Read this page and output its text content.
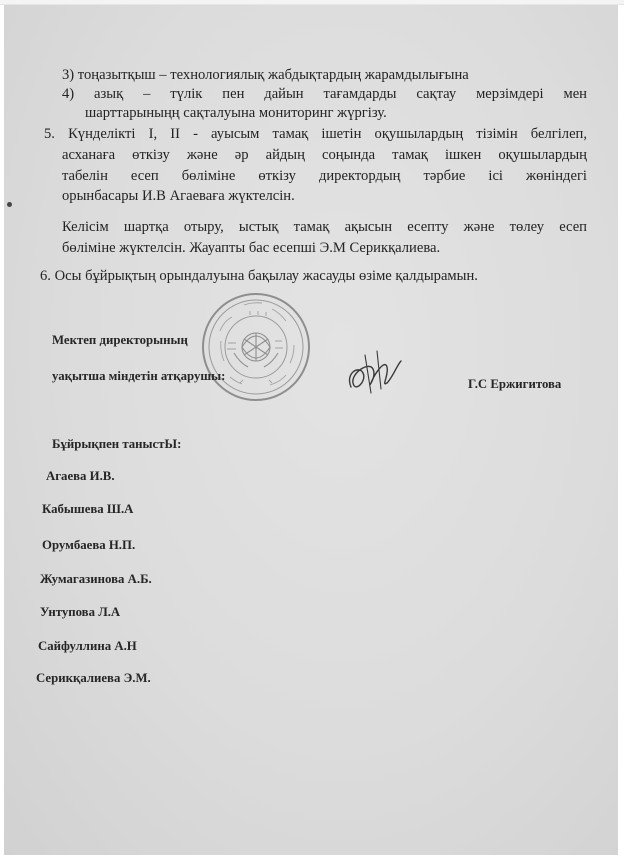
3) тоңазытқыш – технологиялық жабдықтардың жарамдылығына
4) азық – түлік пен дайын тағамдарды сақтау мерзімдері мен
шарттарыныңң сақталуына мониторинг жүргізу.
5. Күнделікті I, II - ауысым тамақ ішетін оқушылардың тізімін белгілеп,
асханаға өткізу және әр айдың соңында тамақ ішкен оқушылардың
табелін есеп бөліміне өткізу директордың тәрбие ісі жөніндегі
орынбасары И.В Агаеваға жүктелсін.
Келісім шартқа отыру, ыстық тамақ ақысын есепту және төлеу есеп
бөліміне жүктелсін. Жауапты бас есепші Э.М Серикқалиева.
6. Осы бұйрықтың орындалуына бақылау жасауды өзіме қалдырамын.
Мектеп директорының
уақытша міндетін атқарушы:
Г.С Ержигитова
Бұйрықпен таныстЫ:
Агаева И.В.
Кабышева Ш.А
Орумбаева Н.П.
Жумагазинова А.Б.
Унтупова Л.А
Сайфуллина А.Н
Серикқалиева Э.М.
